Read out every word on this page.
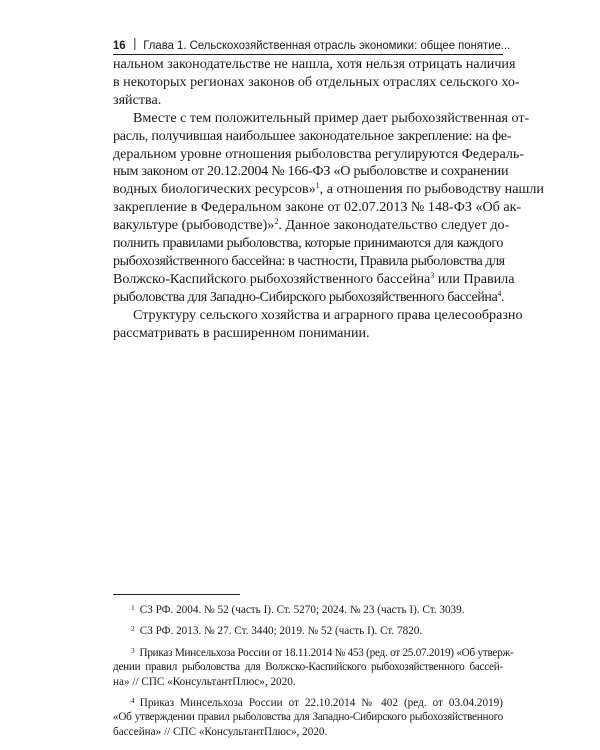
16 Глава 1. Сельскохозяйственная отрасль экономики: общее понятие...
нальном законодательстве не нашла, хотя нельзя отрицать наличия
в некоторых регионах законов об отдельных отраслях сельского хо-
зяйства.
Вместе с тем положительный пример дает рыбохозяйственная от-
расль, получившая наибольшее законодательное закрепление: на фе-
деральном уровне отношения рыболовства регулируются Федераль-
ным законом от 20.12.2004 № 166-ФЗ «О рыболовстве и сохранении
водных биологических ресурсов»$^1$, а отношения по рыбоводству нашли
закрепление в Федеральном законе от 02.07.2013 № 148-ФЗ «Об ак-
вакультуре (рыбоводстве)»$^2$. Данное законодательство следует до-
полнить правилами рыболовства, которые принимаются для каждого
рыбохозяйственного бассейна: в частности, Правила рыболовства для
Волжско-Каспийского рыбохозяйственного бассейна$^3$ или Правила
рыболовства для Западно-Сибирского рыбохозяйственного бассейна$^4$.
Структуру сельского хозяйства и аграрного права целесообразно
рассматривать в расширенном понимании.
$^1$ СЗ РФ. 2004. № 52 (часть I). Ст. 5270; 2024. № 23 (часть I). Ст. 3039.
$^2$ СЗ РФ. 2013. № 27. Ст. 3440; 2019. № 52 (часть I). Ст. 7820.
$^3$ Приказ Минсельхоза России от 18.11.2014 № 453 (ред. от 25.07.2019) «Об утверж-
дении правил рыболовства для Волжско-Каспийского рыбохозяйственного бассей-
на» // СПС «КонсультантПлюс», 2020.
$^4$ Приказ Минсельхоза России от 22.10.2014 № 402 (ред. от 03.04.2019)
«Об утверждении правил рыболовства для Западно-Сибирского рыбохозяйственного
бассейна» // СПС «КонсультантПлюс», 2020.
